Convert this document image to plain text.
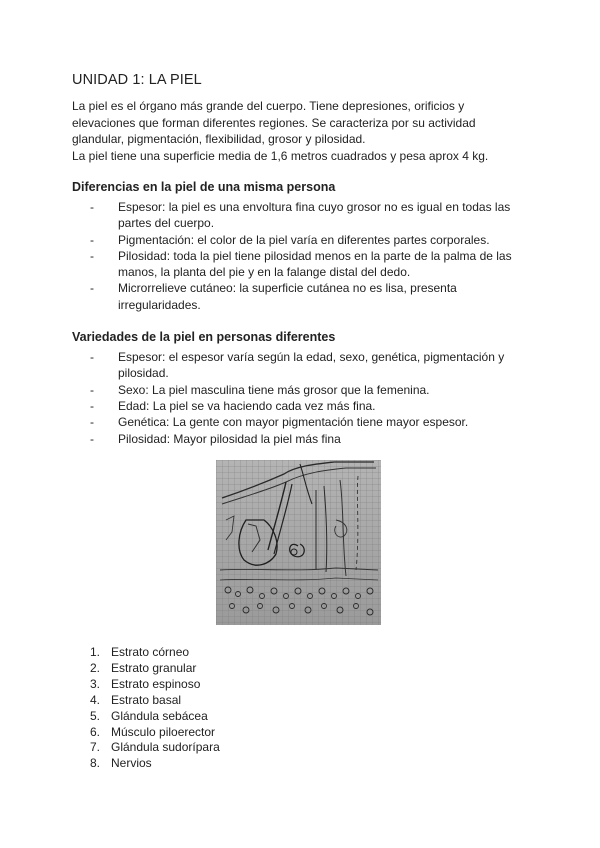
UNIDAD 1: LA PIEL

La piel es el órgano más grande del cuerpo. Tiene depresiones, orificios y

elevaciones que forman diferentes regiones. Se caracteriza por su actividad

glandular, pigmentación, flexibilidad, grosor y pilosidad.

La piel tiene una superficie media de 1,6 metros cuadrados y pesa aprox 4 kg.

Diferencias en la piel de una misma persona
- Espesor: la piel es una envoltura fina cuyo grosor no es igual en todas las
partes del cuerpo.
- Pigmentación: el color de la piel varía en diferentes partes corporales.
- Pilosidad: toda la piel tiene pilosidad menos en la parte de la palma de las
manos, la planta del pie y en la falange distal del dedo.
- Microrrelieve cutáneo: la superficie cutánea no es lisa, presenta
irregularidades.
Variedades de la piel en personas diferentes
- Espesor: el espesor varía según la edad, sexo, genética, pigmentación y
pilosidad.
- Sexo: La piel masculina tiene más grosor que la femenina.
- Edad: La piel se va haciendo cada vez más fina.
- Genética: La gente con mayor pigmentación tiene mayor espesor.
- Pilosidad: Mayor pilosidad la piel más fina
1. Estrato córneo
2. Estrato granular
3. Estrato espinoso
4. Estrato basal
5. Glándula sebácea
6. Músculo piloerector
7. Glándula sudorípara
8. Nervios
